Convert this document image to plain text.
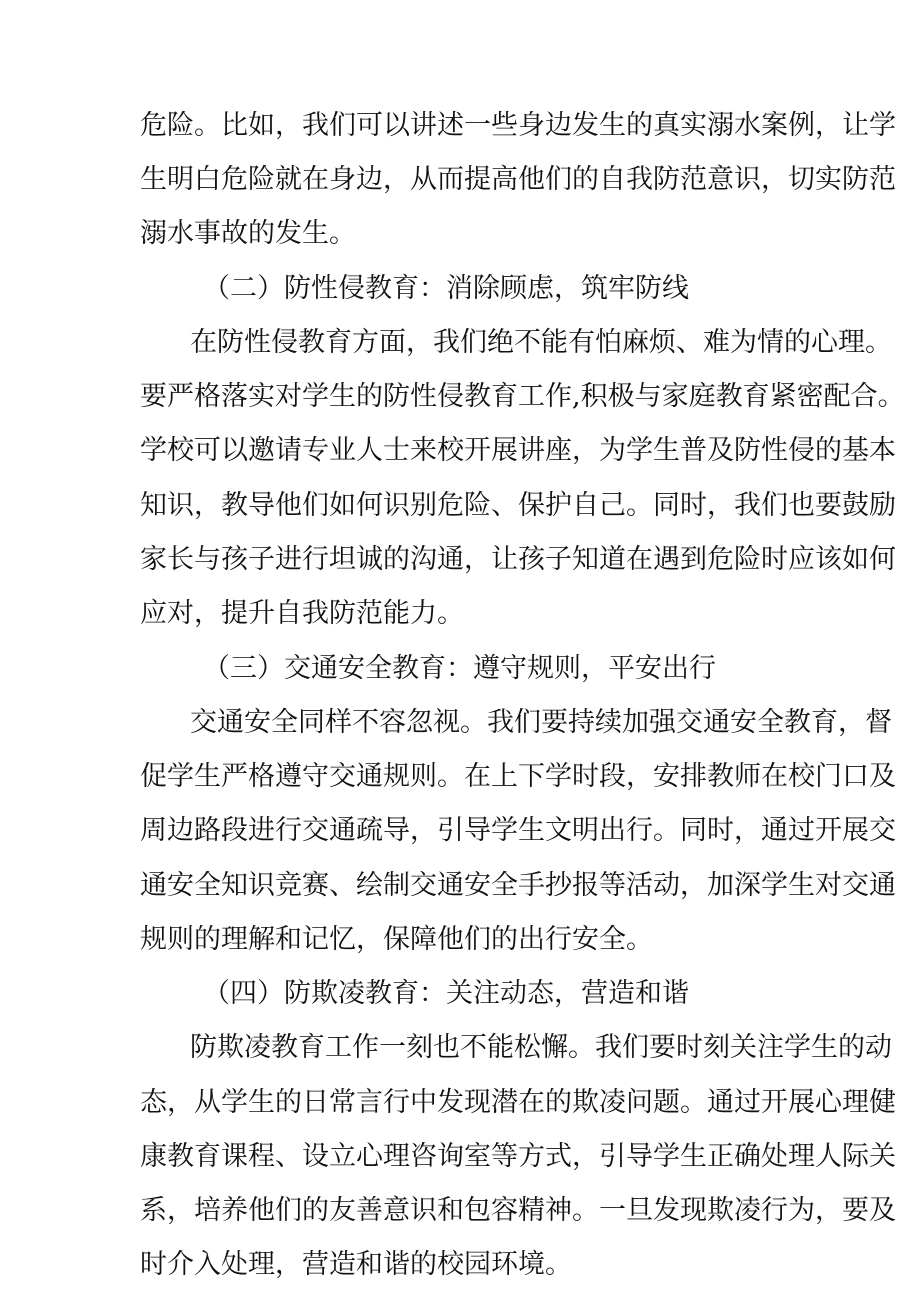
危险。比如，我们可以讲述一些身边发生的真实溺水案例，让学
生明白危险就在身边，从而提高他们的自我防范意识，切实防范
溺水事故的发生。
（二）防性侵教育：消除顾虑，筑牢防线
在防性侵教育方面，我们绝不能有怕麻烦、难为情的心理。
要严格落实对学生的防性侵教育工作,积极与家庭教育紧密配合。
学校可以邀请专业人士来校开展讲座，为学生普及防性侵的基本
知识，教导他们如何识别危险、保护自己。同时，我们也要鼓励
家长与孩子进行坦诚的沟通，让孩子知道在遇到危险时应该如何
应对，提升自我防范能力。
（三）交通安全教育：遵守规则，平安出行
交通安全同样不容忽视。我们要持续加强交通安全教育，督
促学生严格遵守交通规则。在上下学时段，安排教师在校门口及
周边路段进行交通疏导，引导学生文明出行。同时，通过开展交
通安全知识竞赛、绘制交通安全手抄报等活动，加深学生对交通
规则的理解和记忆，保障他们的出行安全。
（四）防欺凌教育：关注动态，营造和谐
防欺凌教育工作一刻也不能松懈。我们要时刻关注学生的动
态，从学生的日常言行中发现潜在的欺凌问题。通过开展心理健
康教育课程、设立心理咨询室等方式，引导学生正确处理人际关
系，培养他们的友善意识和包容精神。一旦发现欺凌行为，要及
时介入处理，营造和谐的校园环境。
